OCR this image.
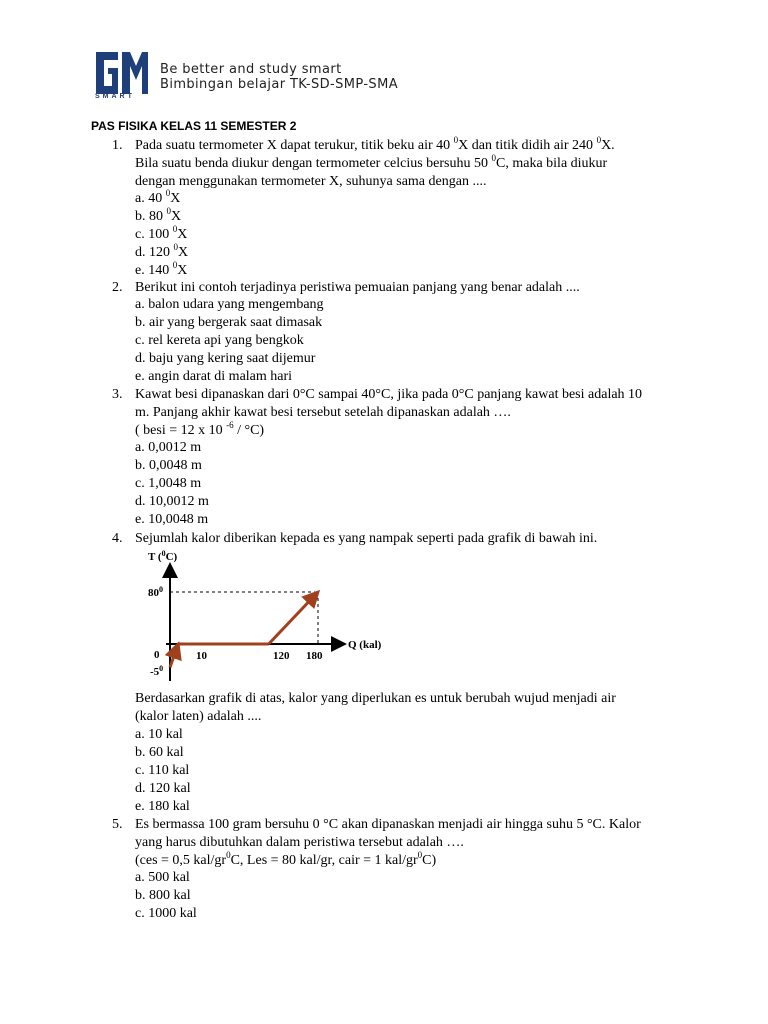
SMART
Be better and study smart
Bimbingan belajar TK-SD-SMP-SMA
PAS FISIKA KELAS 11 SEMESTER 2
1. Pada suatu termometer X dapat terukur, titik beku air 40 $^0$X dan titik didih air 240 $^0$X.
Bila suatu benda diukur dengan termometer celcius bersuhu 50 $^0$C, maka bila diukur
dengan menggunakan termometer X, suhunya sama dengan ....
a. 40 $^0$X
b. 80 $^0$X
c. 100 $^0$X
d. 120 $^0$X
e. 140 $^0$X
2. Berikut ini contoh terjadinya peristiwa pemuaian panjang yang benar adalah ....
a. balon udara yang mengembang
b. air yang bergerak saat dimasak
c. rel kereta api yang bengkok
d. baju yang kering saat dijemur
e. angin darat di malam hari
3. Kawat besi dipanaskan dari 0°C sampai 40°C, jika pada 0°C panjang kawat besi adalah 10
m. Panjang akhir kawat besi tersebut setelah dipanaskan adalah ….
( besi = 12 x 10 $^{-6}$ / °C)
a. 0,0012 m
b. 0,0048 m
c. 1,0048 m
d. 10,0012 m
e. 10,0048 m
4. Sejumlah kalor diberikan kepada es yang nampak seperti pada grafik di bawah ini.
Berdasarkan grafik di atas, kalor yang diperlukan es untuk berubah wujud menjadi air
(kalor laten) adalah ....
a. 10 kal
b. 60 kal
c. 110 kal
d. 120 kal
e. 180 kal
T ($^0$C)
Q (kal)
$80^0$
0
$-5^0$
10	120 180
5. Es bermassa 100 gram bersuhu 0 °C akan dipanaskan menjadi air hingga suhu 5 °C. Kalor
yang harus dibutuhkan dalam peristiwa tersebut adalah ….
(ces = 0,5 kal/$gr^0C$, Les = 80 kal/gr, cair = 1 kal/$gr^0C$)
a. 500 kal
b. 800 kal
c. 1000 kal
